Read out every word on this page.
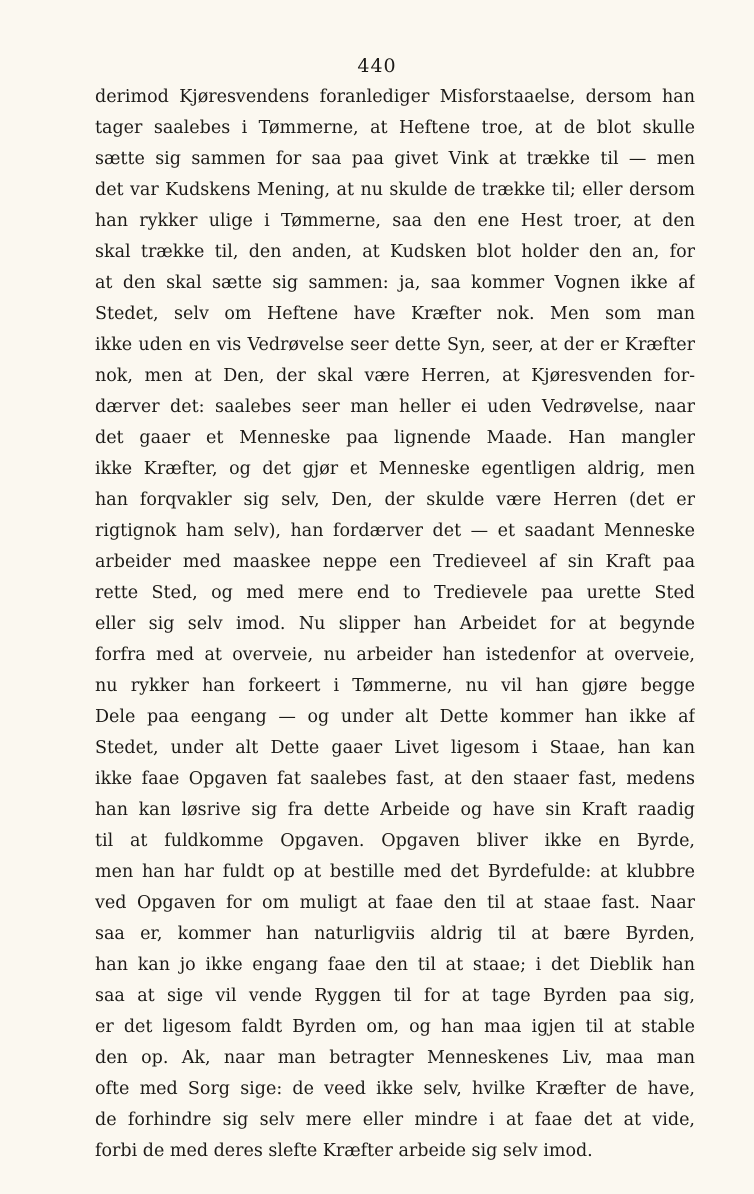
440
derimod Kjøresvendens foranlediger Misforstaaelse, dersom han
tager saalebes i Tømmerne, at Heftene troe, at de blot skulle
sætte sig sammen for saa paa givet Vink at trække til — men
det var Kudskens Mening, at nu skulde de trække til; eller dersom
han rykker ulige i Tømmerne, saa den ene Hest troer, at den
skal trække til, den anden, at Kudsken blot holder den an, for
at den skal sætte sig sammen: ja, saa kommer Vognen ikke af
Stedet, selv om Heftene have Kræfter nok. Men som man
ikke uden en vis Vedrøvelse seer dette Syn, seer, at der er Kræfter
nok, men at Den, der skal være Herren, at Kjøresvenden for-
dærver det: saalebes seer man heller ei uden Vedrøvelse, naar
det gaaer et Menneske paa lignende Maade. Han mangler
ikke Kræfter, og det gjør et Menneske egentligen aldrig, men
han forqvakler sig selv, Den, der skulde være Herren (det er
rigtignok ham selv), han fordærver det — et saadant Menneske
arbeider med maaskee neppe een Tredieveel af sin Kraft paa
rette Sted, og med mere end to Tredievele paa urette Sted
eller sig selv imod. Nu slipper han Arbeidet for at begynde
forfra med at overveie, nu arbeider han istedenfor at overveie,
nu rykker han forkeert i Tømmerne, nu vil han gjøre begge
Dele paa eengang — og under alt Dette kommer han ikke af
Stedet, under alt Dette gaaer Livet ligesom i Staae, han kan
ikke faae Opgaven fat saalebes fast, at den staaer fast, medens
han kan løsrive sig fra dette Arbeide og have sin Kraft raadig
til at fuldkomme Opgaven. Opgaven bliver ikke en Byrde,
men han har fuldt op at bestille med det Byrdefulde: at klubbre
ved Opgaven for om muligt at faae den til at staae fast. Naar
saa er, kommer han naturligviis aldrig til at bære Byrden,
han kan jo ikke engang faae den til at staae; i det Dieblik han
saa at sige vil vende Ryggen til for at tage Byrden paa sig,
er det ligesom faldt Byrden om, og han maa igjen til at stable
den op. Ak, naar man betragter Menneskenes Liv, maa man
ofte med Sorg sige: de veed ikke selv, hvilke Kræfter de have,
de forhindre sig selv mere eller mindre i at faae det at vide,
forbi de med deres slefte Kræfter arbeide sig selv imod.
